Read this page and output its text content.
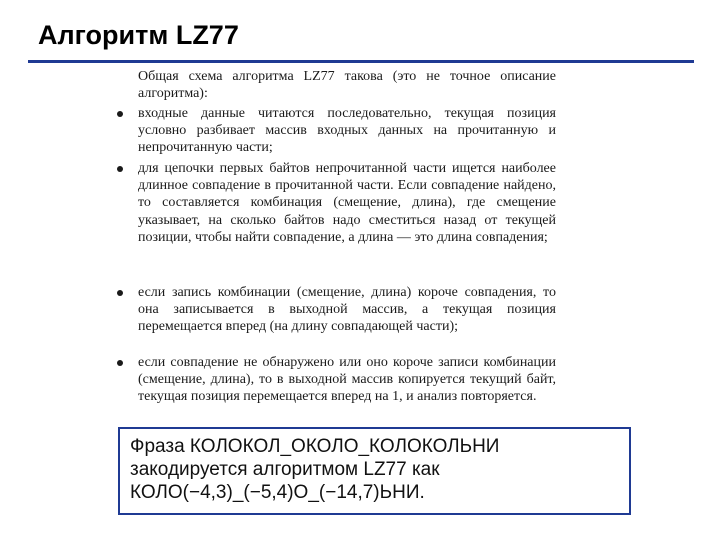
Алгоритм LZ77

Общая схема алгоритма LZ77 такова (это не точное описание алгоритма):

входные данные читаются последовательно, текущая позиция условно разбивает массив входных данных на прочитанную и непрочитанную части;

для цепочки первых байтов непрочитанной части ищется наиболее длинное совпадение в прочитанной части. Если совпадение найдено, то составляется комбинация (смещение, длина), где смещение указывает, на сколько байтов надо сместиться назад от текущей позиции, чтобы найти совпадение, а длина — это длина совпадения;

если запись комбинации (смещение, длина) короче совпадения, то она записывается в выходной массив, а текущая позиция перемещается вперед (на длину совпадающей части);

если совпадение не обнаружено или оно короче записи комбинации (смещение, длина), то в выходной массив копируется текущий байт, текущая позиция перемещается вперед на 1, и анализ повторяется.

Фраза КОЛОКОЛ_ОКОЛО_КОЛОКОЛЬНИ закодируется алгоритмом LZ77 как КОЛО(−4,3)_(−5,4)О_(−14,7)ЬНИ.
